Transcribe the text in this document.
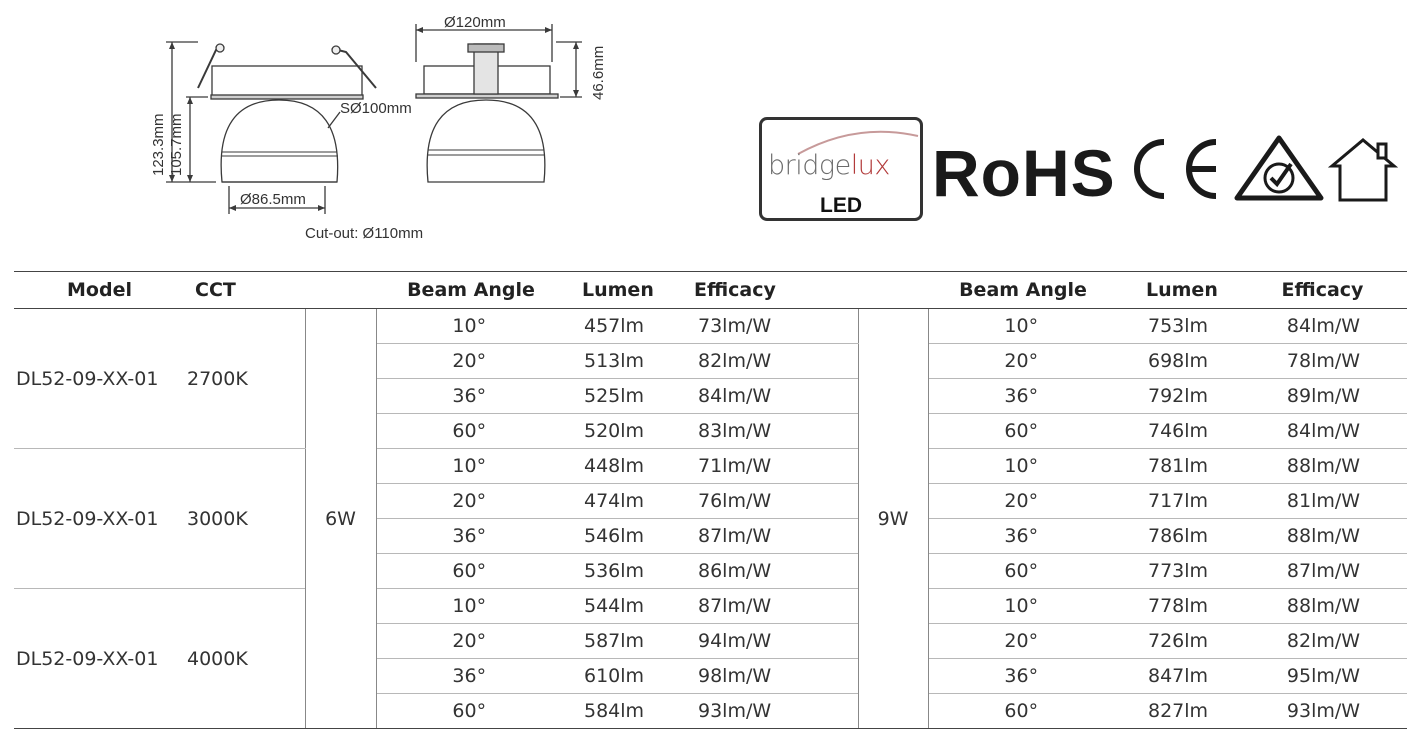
123.3mm 105.7mm
SØ100mm
Ø86.5mm
Ø120mm
46.6mm
Cut-out: Ø110mm
bridgelux
LED RoHS
Model	CCT		Beam Angle	Lumen	Efficacy		Beam Angle	Lumen	Efficacy
DL52-09-XX-01	2700K	6W	10°	457lm	73lm/W	9W	10°	753lm	84lm/W
			20°	513lm	82lm/W		20°	698lm	78lm/W
			36°	525lm	84lm/W		36°	792lm	89lm/W
			60°	520lm	83lm/W		60°	746lm	84lm/W
DL52-09-XX-01	3000K		10°	448lm	71lm/W		10°	781lm	88lm/W
			20°	474lm	76lm/W		20°	717lm	81lm/W
			36°	546lm	87lm/W		36°	786lm	88lm/W
			60°	536lm	86lm/W		60°	773lm	87lm/W
DL52-09-XX-01	4000K		10°	544lm	87lm/W		10°	778lm	88lm/W
			20°	587lm	94lm/W		20°	726lm	82lm/W
			36°	610lm	98lm/W		36°	847lm	95lm/W
			60°	584lm	93lm/W		60°	827lm	93lm/W
